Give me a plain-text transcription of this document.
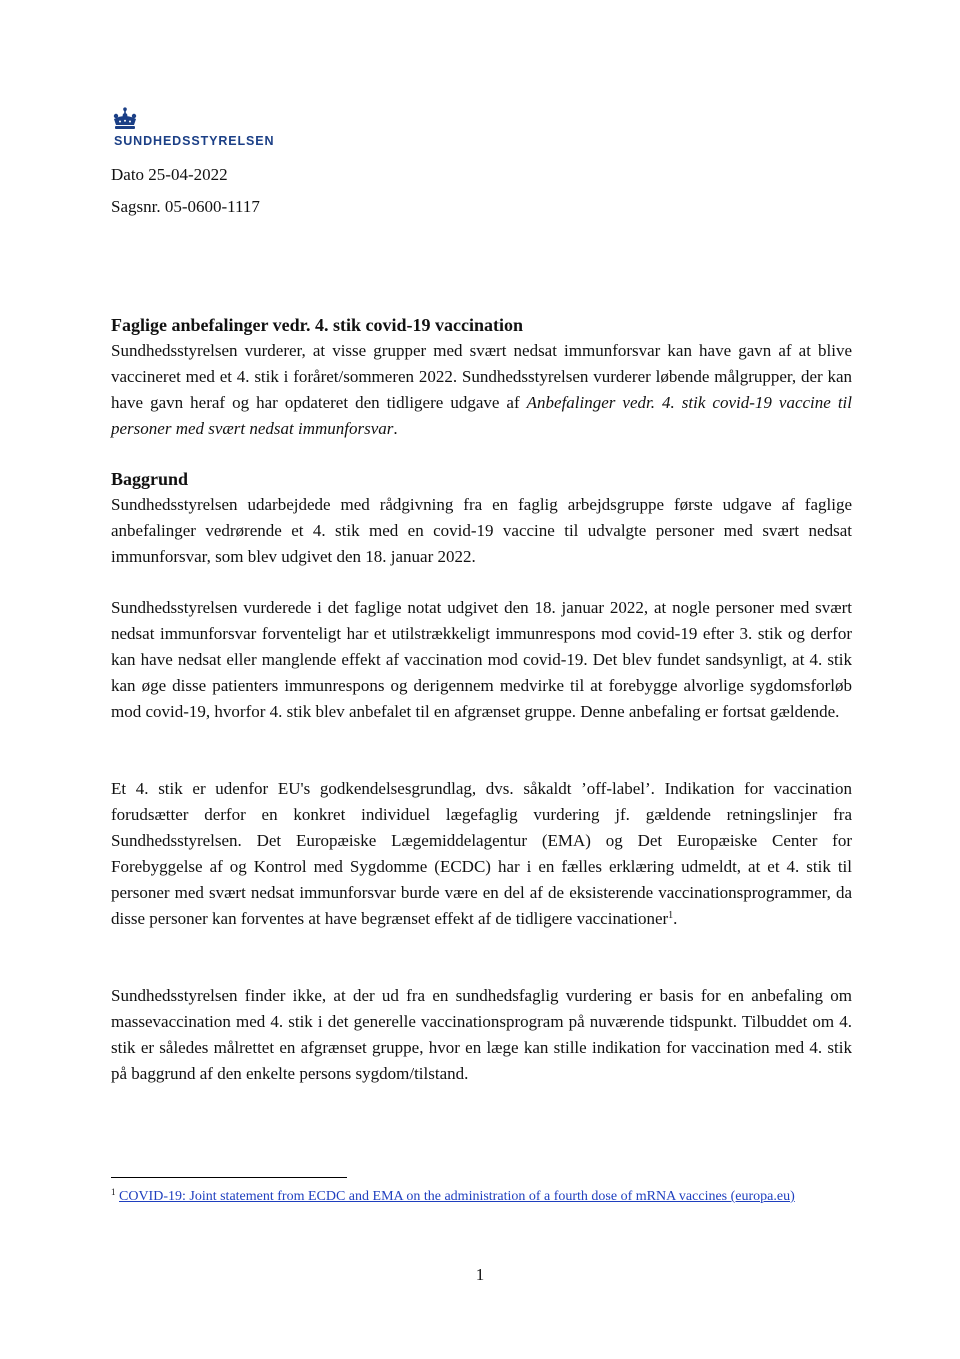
SUNDHEDSSTYRELSEN
Dato 25-04-2022
Sagsnr. 05-0600-1117
Faglige anbefalinger vedr. 4. stik covid-19 vaccination

Sundhedsstyrelsen vurderer, at visse grupper med svært nedsat immunforsvar kan have gavn af at blive vaccineret med et 4. stik i foråret/sommeren 2022. Sundhedsstyrelsen vurderer løbende målgrupper, der kan have gavn heraf og har opdateret den tidligere udgave af Anbefalinger vedr. 4. stik covid-19 vaccine til personer med svært nedsat immunforsvar.

Baggrund

Sundhedsstyrelsen udarbejdede med rådgivning fra en faglig arbejdsgruppe første udgave af faglige anbefalinger vedrørende et 4. stik med en covid-19 vaccine til udvalgte personer med svært nedsat immunforsvar, som blev udgivet den 18. januar 2022.

Sundhedsstyrelsen vurderede i det faglige notat udgivet den 18. januar 2022, at nogle personer med svært nedsat immunforsvar forventeligt har et utilstrækkeligt immunrespons mod covid-19 efter 3. stik og derfor kan have nedsat eller manglende effekt af vaccination mod covid-19. Det blev fundet sandsynligt, at 4. stik kan øge disse patienters immunrespons og derigennem medvirke til at forebygge alvorlige sygdomsforløb mod covid-19, hvorfor 4. stik blev anbefalet til en afgrænset gruppe. Denne anbefaling er fortsat gældende.

Et 4. stik er udenfor EU's godkendelsesgrundlag, dvs. såkaldt ’off-label’. Indikation for vaccination forudsætter derfor en konkret individuel lægefaglig vurdering jf. gældende retningslinjer fra Sundhedsstyrelsen. Det Europæiske Lægemiddelagentur (EMA) og Det Europæiske Center for Forebyggelse af og Kontrol med Sygdomme (ECDC) har i en fælles erklæring udmeldt, at et 4. stik til personer med svært nedsat immunforsvar burde være en del af de eksisterende vaccinationsprogrammer, da disse personer kan forventes at have begrænset effekt af de tidligere vaccinationer$^1$.

Sundhedsstyrelsen finder ikke, at der ud fra en sundhedsfaglig vurdering er basis for en anbefaling om massevaccination med 4. stik i det generelle vaccinationsprogram på nuværende tidspunkt. Tilbuddet om 4. stik er således målrettet en afgrænset gruppe, hvor en læge kan stille indikation for vaccination med 4. stik på baggrund af den enkelte persons sygdom/tilstand.

$^1$ COVID-19: Joint statement from ECDC and EMA on the administration of a fourth dose of mRNA vaccines (europa.eu)
1
